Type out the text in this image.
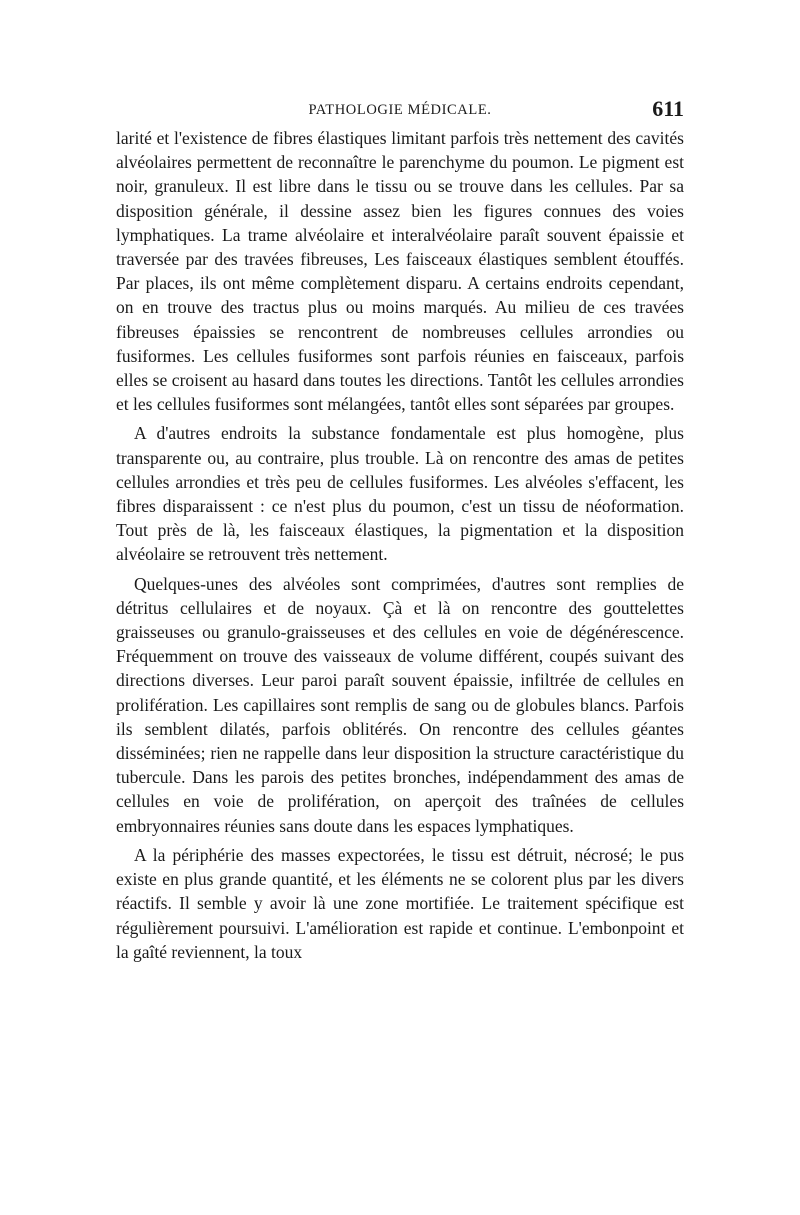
PATHOLOGIE MÉDICALE.	611

larité et l'existence de fibres élastiques limitant parfois très nettement des cavités alvéolaires permettent de reconnaître le parenchyme du poumon. Le pigment est noir, granuleux. Il est libre dans le tissu ou se trouve dans les cellules. Par sa disposition générale, il dessine assez bien les figures connues des voies lymphatiques. La trame alvéolaire et interalvéolaire paraît souvent épaissie et traversée par des travées fibreuses, Les faisceaux élastiques semblent étouffés. Par places, ils ont même complètement disparu. A certains endroits cependant, on en trouve des tractus plus ou moins marqués. Au milieu de ces travées fibreuses épaissies se rencontrent de nombreuses cellules arrondies ou fusiformes. Les cellules fusiformes sont parfois réunies en faisceaux, parfois elles se croisent au hasard dans toutes les directions. Tantôt les cellules arrondies et les cellules fusiformes sont mélangées, tantôt elles sont séparées par groupes.

A d'autres endroits la substance fondamentale est plus homogène, plus transparente ou, au contraire, plus trouble. Là on rencontre des amas de petites cellules arrondies et très peu de cellules fusiformes. Les alvéoles s'effacent, les fibres disparaissent : ce n'est plus du poumon, c'est un tissu de néoformation. Tout près de là, les faisceaux élastiques, la pigmentation et la disposition alvéolaire se retrouvent très nettement.

Quelques-unes des alvéoles sont comprimées, d'autres sont remplies de détritus cellulaires et de noyaux. Çà et là on rencontre des gouttelettes graisseuses ou granulo-graisseuses et des cellules en voie de dégénérescence. Fréquemment on trouve des vaisseaux de volume différent, coupés suivant des directions diverses. Leur paroi paraît souvent épaissie, infiltrée de cellules en prolifération. Les capillaires sont remplis de sang ou de globules blancs. Parfois ils semblent dilatés, parfois oblitérés. On rencontre des cellules géantes disséminées; rien ne rappelle dans leur disposition la structure caractéristique du tubercule. Dans les parois des petites bronches, indépendamment des amas de cellules en voie de prolifération, on aperçoit des traînées de cellules embryonnaires réunies sans doute dans les espaces lymphatiques.

A la périphérie des masses expectorées, le tissu est détruit, nécrosé; le pus existe en plus grande quantité, et les éléments ne se colorent plus par les divers réactifs. Il semble y avoir là une zone mortifiée. Le traitement spécifique est régulièrement poursuivi. L'amélioration est rapide et continue. L'embonpoint et la gaîté reviennent, la toux
